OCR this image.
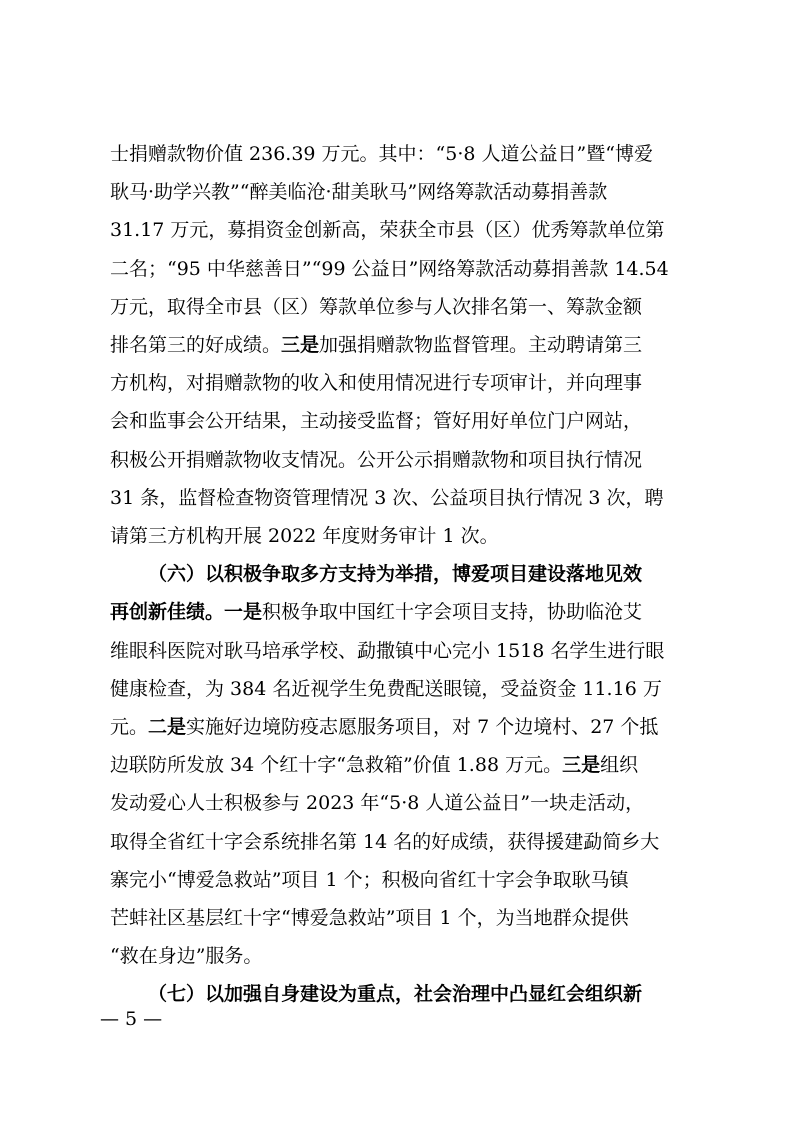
士捐赠款物价值 236.39 万元。其中：“5·8 人道公益日”暨“博爱
耿马·助学兴教”“醉美临沧·甜美耿马”网络筹款活动募捐善款
31.17 万元，募捐资金创新高，荣获全市县（区）优秀筹款单位第
二名；“95 中华慈善日”“99 公益日”网络筹款活动募捐善款 14.54
万元，取得全市县（区）筹款单位参与人次排名第一、筹款金额
排名第三的好成绩。三是加强捐赠款物监督管理。主动聘请第三
方机构，对捐赠款物的收入和使用情况进行专项审计，并向理事
会和监事会公开结果，主动接受监督；管好用好单位门户网站，
积极公开捐赠款物收支情况。公开公示捐赠款物和项目执行情况
31 条，监督检查物资管理情况 3 次、公益项目执行情况 3 次，聘
请第三方机构开展 2022 年度财务审计 1 次。

（六）以积极争取多方支持为举措，博爱项目建设落地见效
再创新佳绩。一是积极争取中国红十字会项目支持，协助临沧艾
维眼科医院对耿马培承学校、勐撒镇中心完小 1518 名学生进行眼
健康检查，为 384 名近视学生免费配送眼镜，受益资金 11.16 万
元。二是实施好边境防疫志愿服务项目，对 7 个边境村、27 个抵
边联防所发放 34 个红十字“急救箱”价值 1.88 万元。三是组织
发动爱心人士积极参与 2023 年“5·8 人道公益日”一块走活动，
取得全省红十字会系统排名第 14 名的好成绩，获得援建勐简乡大
寨完小“博爱急救站”项目 1 个；积极向省红十字会争取耿马镇
芒蚌社区基层红十字“博爱急救站”项目 1 个，为当地群众提供
“救在身边”服务。

（七）以加强自身建设为重点，社会治理中凸显红会组织新

— 5 —
